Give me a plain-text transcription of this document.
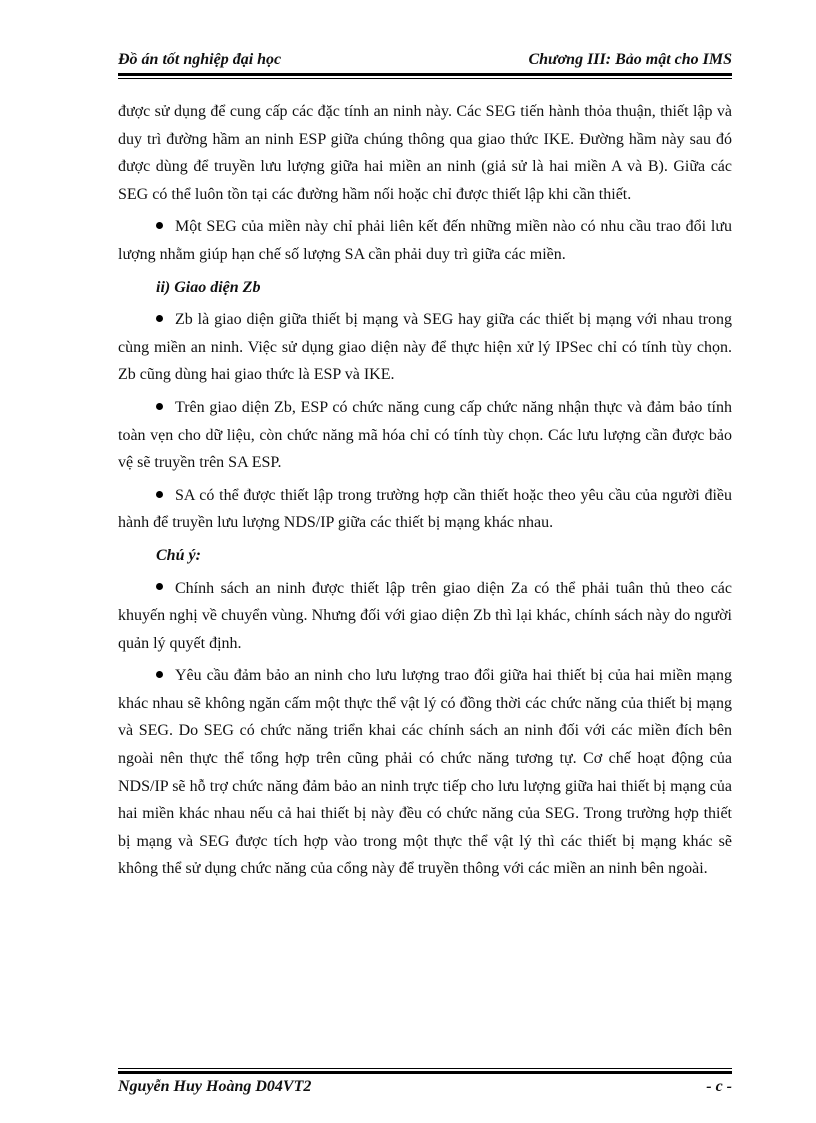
Đồ án tốt nghiệp đại học	Chương III: Bảo mật cho IMS

được sử dụng để cung cấp các đặc tính an ninh này. Các SEG tiến hành thỏa thuận, thiết lập và duy trì đường hầm an ninh ESP giữa chúng thông qua giao thức IKE. Đường hầm này sau đó được dùng để truyền lưu lượng giữa hai miền an ninh (giả sử là hai miền A và B). Giữa các SEG có thể luôn tồn tại các đường hầm nối hoặc chỉ được thiết lập khi cần thiết.

Một SEG của miền này chỉ phải liên kết đến những miền nào có nhu cầu trao đổi lưu lượng nhằm giúp hạn chế số lượng SA cần phải duy trì giữa các miền.

ii) Giao diện Zb

Zb là giao diện giữa thiết bị mạng và SEG hay giữa các thiết bị mạng với nhau trong cùng miền an ninh. Việc sử dụng giao diện này để thực hiện xử lý IPSec chỉ có tính tùy chọn. Zb cũng dùng hai giao thức là ESP và IKE.

Trên giao diện Zb, ESP có chức năng cung cấp chức năng nhận thực và đảm bảo tính toàn vẹn cho dữ liệu, còn chức năng mã hóa chỉ có tính tùy chọn. Các lưu lượng cần được bảo vệ sẽ truyền trên SA ESP.

SA có thể được thiết lập trong trường hợp cần thiết hoặc theo yêu cầu của người điều hành để truyền lưu lượng NDS/IP giữa các thiết bị mạng khác nhau.

Chú ý:

Chính sách an ninh được thiết lập trên giao diện Za có thể phải tuân thủ theo các khuyến nghị về chuyển vùng. Nhưng đối với giao diện Zb thì lại khác, chính sách này do người quản lý quyết định.

Yêu cầu đảm bảo an ninh cho lưu lượng trao đổi giữa hai thiết bị của hai miền mạng khác nhau sẽ không ngăn cấm một thực thể vật lý có đồng thời các chức năng của thiết bị mạng và SEG. Do SEG có chức năng triển khai các chính sách an ninh đối với các miền đích bên ngoài nên thực thể tổng hợp trên cũng phải có chức năng tương tự. Cơ chế hoạt động của NDS/IP sẽ hỗ trợ chức năng đảm bảo an ninh trực tiếp cho lưu lượng giữa hai thiết bị mạng của hai miền khác nhau nếu cả hai thiết bị này đều có chức năng của SEG. Trong trường hợp thiết bị mạng và SEG được tích hợp vào trong một thực thể vật lý thì các thiết bị mạng khác sẽ không thể sử dụng chức năng của cổng này để truyền thông với các miền an ninh bên ngoài.

Nguyễn Huy Hoàng D04VT2	- c -
